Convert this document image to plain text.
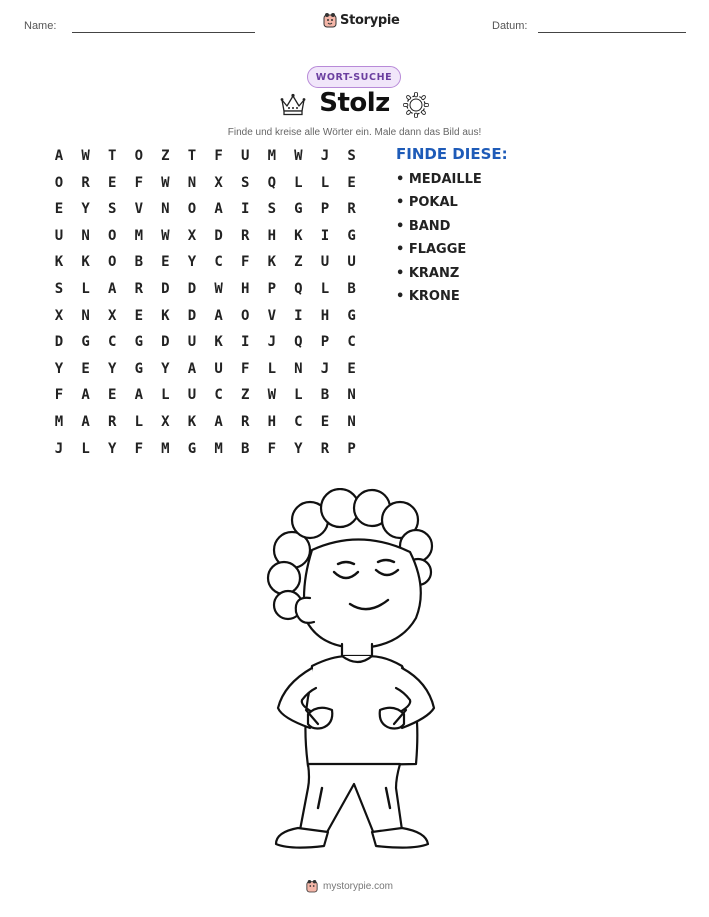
Name:	Storypie	Datum:
WORT-SUCHE
Stolz
Finde und kreise alle Wörter ein. Male dann das Bild aus!
A	W	T	O	Z	T	F	U	M	W	J	S
O	R	E	F	W	N	X	S	Q	L	L	E
E	Y	S	V	N	O	A	I	S	G	P	R
U	N	O	M	W	X	D	R	H	K	I	G
K	K	O	B	E	Y	C	F	K	Z	U	U
S	L	A	R	D	D	W	H	P	Q	L	B
X	N	X	E	K	D	A	O	V	I	H	G
D	G	C	G	D	U	K	I	J	Q	P	C
Y	E	Y	G	Y	A	U	F	L	N	J	E
F	A	E	A	L	U	C	Z	W	L	B	N
M	A	R	L	X	K	A	R	H	C	E	N
J	L	Y	F	M	G	M	B	F	Y	R	P
FINDE DIESE:
• MEDAILLE
• POKAL
• BAND
• FLAGGE
• KRANZ
• KRONE
mystorypie.com
